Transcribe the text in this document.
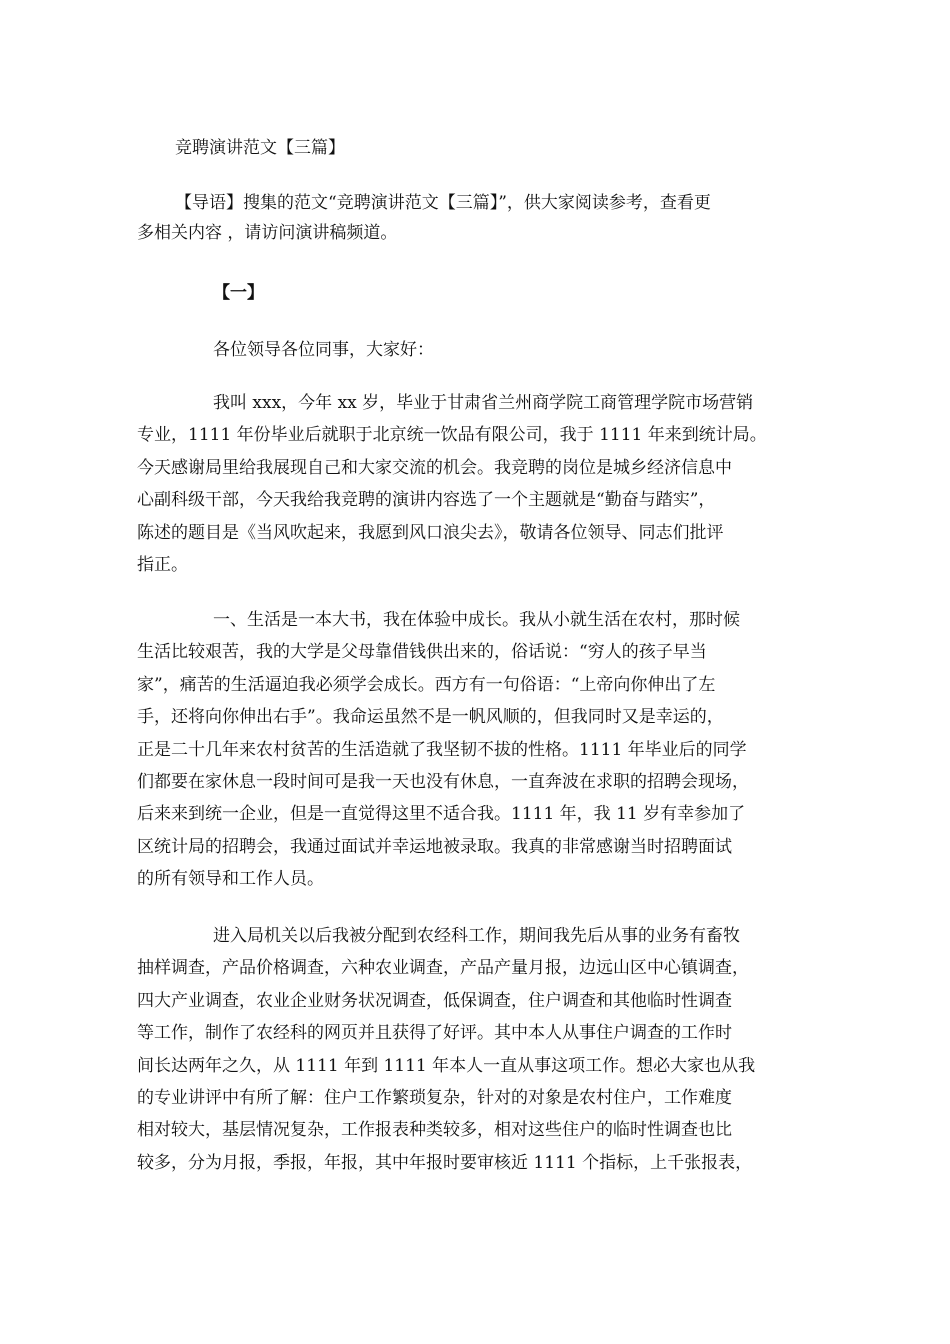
竞聘演讲范文【三篇】
【导语】搜集的范文“竞聘演讲范文【三篇】”，供大家阅读参考，查看更
多相关内容 ，请访问演讲稿频道。
【一】
各位领导各位同事，大家好：
我叫 xxx，今年 xx 岁，毕业于甘肃省兰州商学院工商管理学院市场营销
专业，1111 年份毕业后就职于北京统一饮品有限公司，我于 1111 年来到统计局。
今天感谢局里给我展现自己和大家交流的机会。我竞聘的岗位是城乡经济信息中
心副科级干部，今天我给我竞聘的演讲内容选了一个主题就是“勤奋与踏实”，
陈述的题目是《当风吹起来，我愿到风口浪尖去》，敬请各位领导、同志们批评
指正。
一、生活是一本大书，我在体验中成长。我从小就生活在农村，那时候
生活比较艰苦，我的大学是父母靠借钱供出来的，俗话说：“穷人的孩子早当
家”，痛苦的生活逼迫我必须学会成长。西方有一句俗语：“上帝向你伸出了左
手，还将向你伸出右手”。我命运虽然不是一帆风顺的，但我同时又是幸运的，
正是二十几年来农村贫苦的生活造就了我坚韧不拔的性格。1111 年毕业后的同学
们都要在家休息一段时间可是我一天也没有休息，一直奔波在求职的招聘会现场，
后来来到统一企业，但是一直觉得这里不适合我。1111 年，我 11 岁有幸参加了
区统计局的招聘会，我通过面试并幸运地被录取。我真的非常感谢当时招聘面试
的所有领导和工作人员。
进入局机关以后我被分配到农经科工作，期间我先后从事的业务有畜牧
抽样调查，产品价格调查，六种农业调查，产品产量月报，边远山区中心镇调查，
四大产业调查，农业企业财务状况调查，低保调查，住户调查和其他临时性调查
等工作，制作了农经科的网页并且获得了好评。其中本人从事住户调查的工作时
间长达两年之久，从 1111 年到 1111 年本人一直从事这项工作。想必大家也从我
的专业讲评中有所了解：住户工作繁琐复杂，针对的对象是农村住户，工作难度
相对较大，基层情况复杂，工作报表种类较多，相对这些住户的临时性调查也比
较多，分为月报，季报，年报，其中年报时要审核近 1111 个指标，上千张报表，
